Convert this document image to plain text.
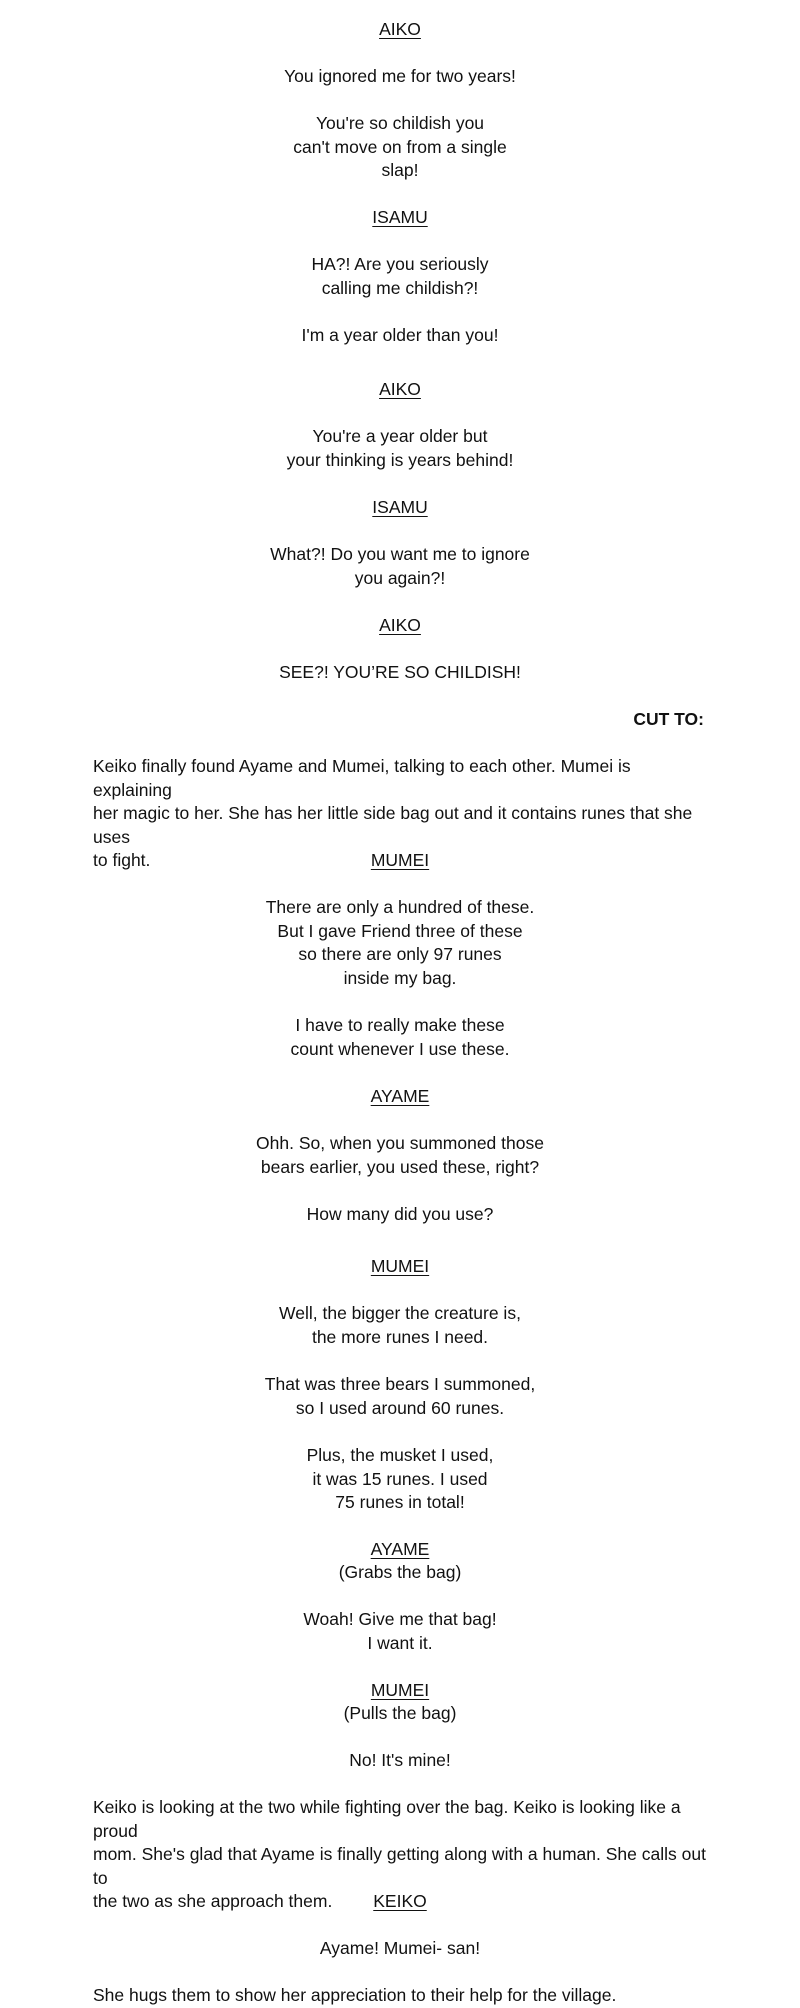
AIKO

You ignored me for two years!

You're so childish you
can't move on from a single
slap!

ISAMU

HA?! Are you seriously
calling me childish?!

I'm a year older than you!

AIKO

You're a year older but
your thinking is years behind!

ISAMU

What?! Do you want me to ignore
you again?!

AIKO

SEE?! YOU’RE SO CHILDISH!

CUT TO:

Keiko finally found Ayame and Mumei, talking to each other. Mumei is explaining
her magic to her. She has her little side bag out and it contains runes that she uses
to fight.	MUMEI

There are only a hundred of these.
But I gave Friend three of these
so there are only 97 runes
inside my bag.

I have to really make these
count whenever I use these.

AYAME

Ohh. So, when you summoned those
bears earlier, you used these, right?

How many did you use?

MUMEI

Well, the bigger the creature is,
the more runes I need.

That was three bears I summoned,
so I used around 60 runes.

Plus, the musket I used,
it was 15 runes. I used
75 runes in total!

AYAME

(Grabs the bag)

Woah! Give me that bag!
I want it.

MUMEI

(Pulls the bag)

No! It's mine!

Keiko is looking at the two while fighting over the bag. Keiko is looking like a proud
mom. She's glad that Ayame is finally getting along with a human. She calls out to
the two as she approach them.	KEIKO

Ayame! Mumei- san!

She hugs them to show her appreciation to their help for the village.
